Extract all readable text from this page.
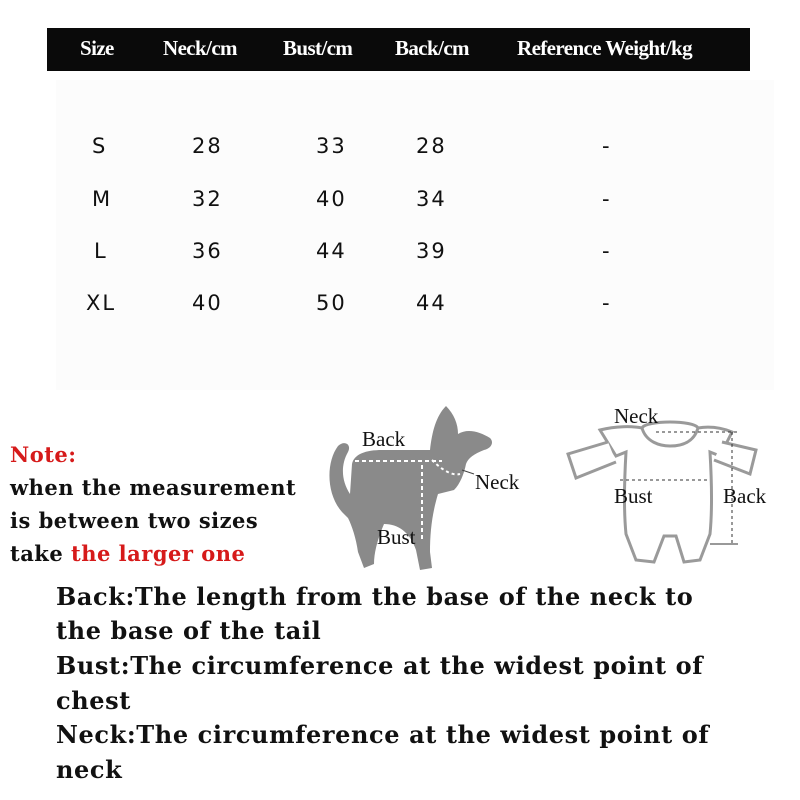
Size Neck/cm Bust/cm Back/cm Reference Weight/kg
S	28	33	28	-
M	32	40	34	-
L	36	44	39	-
XL	40	50	44	-
Note:
when the measurement
is between two sizes
take the larger one
Back
Neck
Bust
Neck
Bust	Back
Back:The length from the base of the neck to
the base of the tail
Bust:The circumference at the widest point of
chest
Neck:The circumference at the widest point of
neck
